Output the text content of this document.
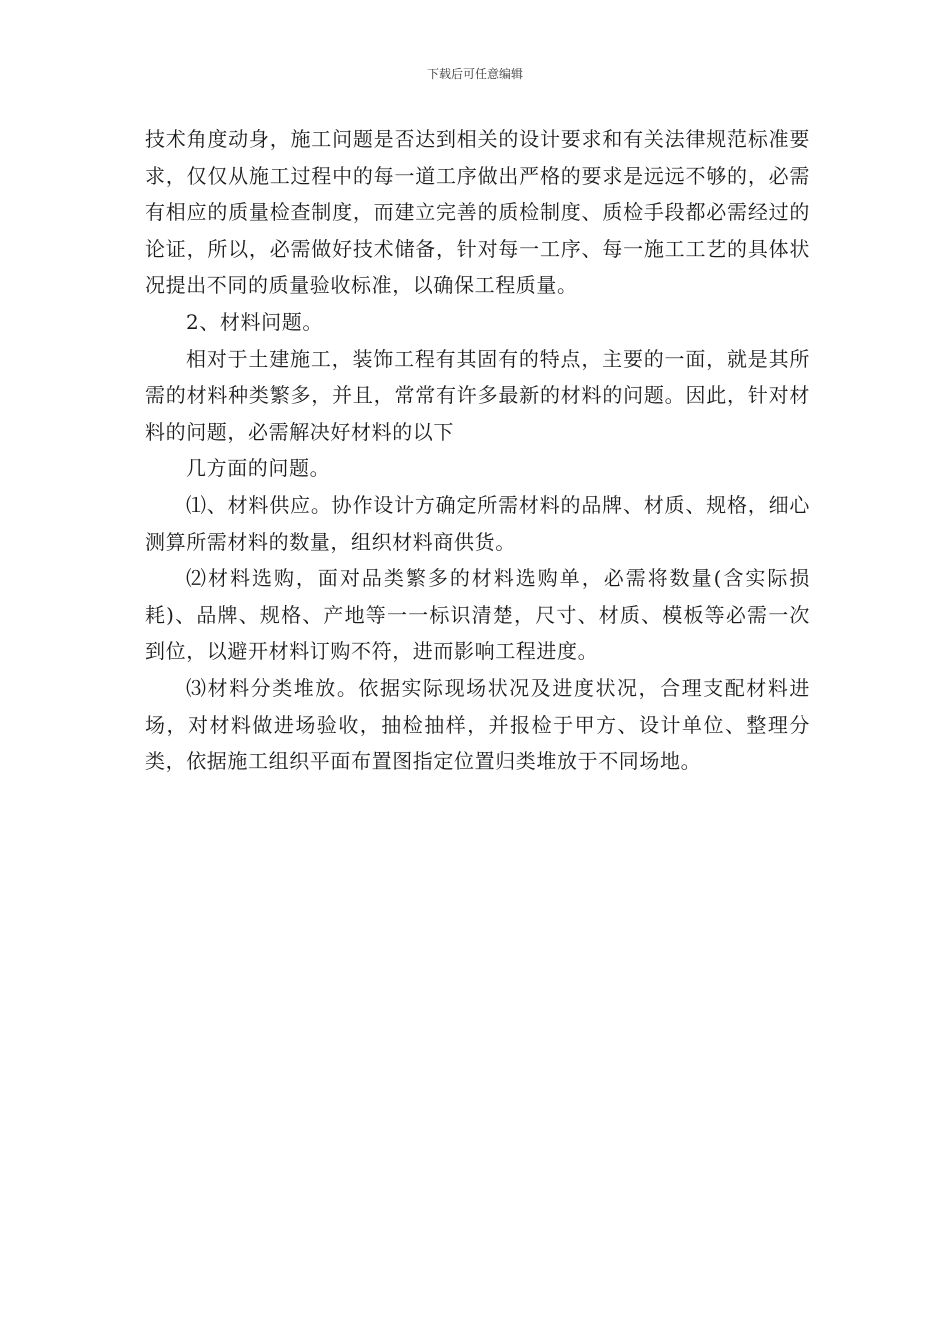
下载后可任意编辑

技术角度动身，施工问题是否达到相关的设计要求和有关法律规范标准要求，仅仅从施工过程中的每一道工序做出严格的要求是远远不够的，必需有相应的质量检查制度，而建立完善的质检制度、质检手段都必需经过的论证，所以，必需做好技术储备，针对每一工序、每一施工工艺的具体状况提出不同的质量验收标准，以确保工程质量。

2、材料问题。

相对于土建施工，装饰工程有其固有的特点，主要的一面，就是其所需的材料种类繁多，并且，常常有许多最新的材料的问题。因此，针对材料的问题，必需解决好材料的以下

几方面的问题。

⑴、材料供应。协作设计方确定所需材料的品牌、材质、规格，细心测算所需材料的数量，组织材料商供货。

⑵材料选购，面对品类繁多的材料选购单，必需将数量(含实际损耗)、品牌、规格、产地等一一标识清楚，尺寸、材质、模板等必需一次到位，以避开材料订购不符，进而影响工程进度。

⑶材料分类堆放。依据实际现场状况及进度状况，合理支配材料进场，对材料做进场验收，抽检抽样，并报检于甲方、设计单位、整理分类，依据施工组织平面布置图指定位置归类堆放于不同场地。
